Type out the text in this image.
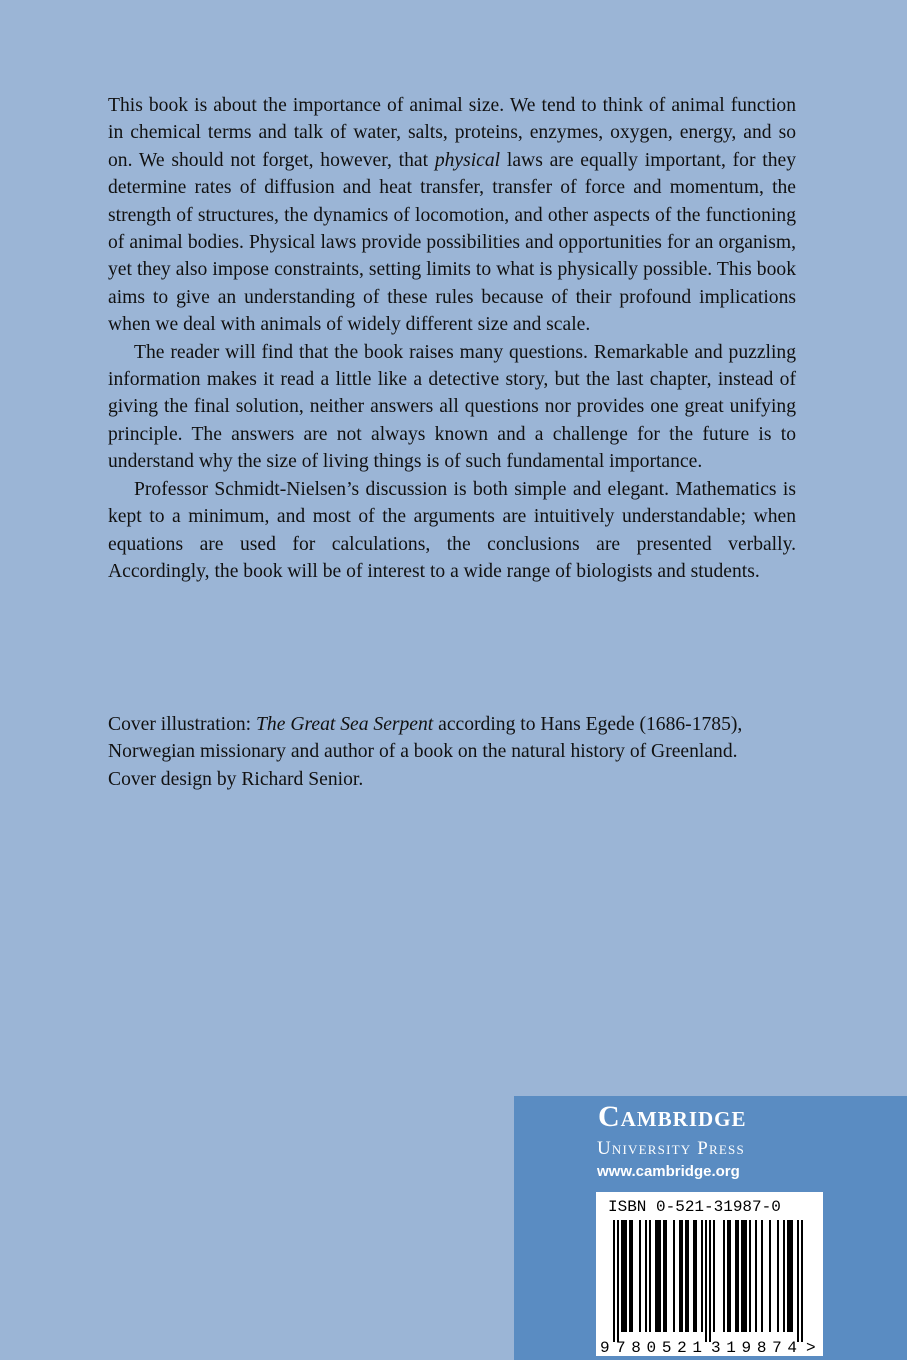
This book is about the importance of animal size. We tend to think of animal function in chemical terms and talk of water, salts, proteins, enzymes, oxygen, energy, and so on. We should not forget, however, that physical laws are equally important, for they determine rates of diffusion and heat transfer, transfer of force and momentum, the strength of structures, the dynamics of locomotion, and other aspects of the functioning of animal bodies. Physical laws provide possibilities and opportunities for an organism, yet they also impose constraints, setting limits to what is physically possible. This book aims to give an understanding of these rules because of their profound implications when we deal with animals of widely different size and scale.

The reader will find that the book raises many questions. Remarkable and puzzling information makes it read a little like a detective story, but the last chapter, instead of giving the final solution, neither answers all questions nor provides one great unifying principle. The answers are not always known and a challenge for the future is to understand why the size of living things is of such fundamental importance.

Professor Schmidt-Nielsen’s discussion is both simple and elegant. Mathematics is kept to a minimum, and most of the arguments are intuitively understandable; when equations are used for calculations, the conclusions are presented verbally. Accordingly, the book will be of interest to a wide range of biologists and students.

Cover illustration: The Great Sea Serpent according to Hans Egede (1686-1785), Norwegian missionary and author of a book on the natural history of Greenland.Cover design by Richard Senior.

Cambridge
University Press
www.cambridge.org
9 780521 319874 >
ISBN 0-521-31987-0
